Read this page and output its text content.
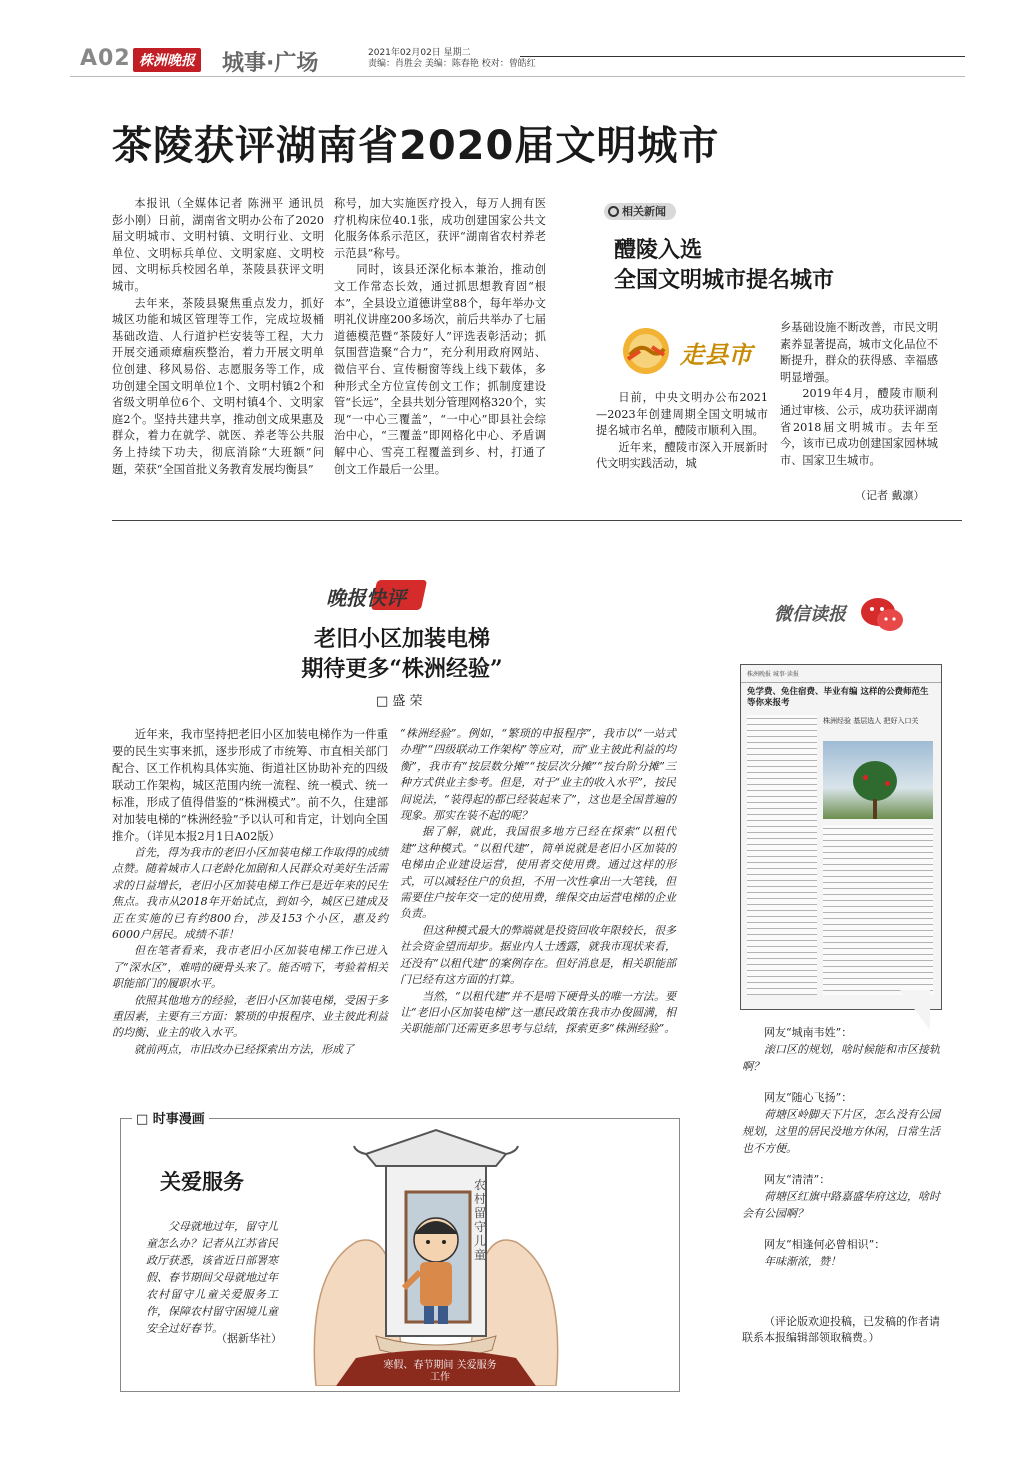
A02 株洲晚报 城事·广场	2021年02月02日 星期二
责编：肖胜会 美编：陈春艳 校对：曾皓红
茶陵获评湖南省2020届文明城市

本报讯（全媒体记者 陈洲平 通讯员 彭小刚）日前，湖南省文明办公布了2020届文明城市、文明村镇、文明行业、文明单位、文明标兵单位、文明家庭、文明校园、文明标兵校园名单，茶陵县获评文明城市。

去年来，茶陵县聚焦重点发力，抓好城区功能和城区管理等工作，完成垃圾桶基础改造、人行道护栏安装等工程，大力开展交通顽瘴痼疾整治，着力开展文明单位创建、移风易俗、志愿服务等工作，成功创建全国文明单位1个、文明村镇2个和省级文明单位6个、文明村镇4个、文明家庭2个。坚持共建共享，推动创文成果惠及群众，着力在就学、就医、养老等公共服务上持续下功夫，彻底消除“大班额”问题，荣获“全国首批义务教育发展均衡县”

称号，加大实施医疗投入，每万人拥有医疗机构床位40.1张，成功创建国家公共文化服务体系示范区，获评“湖南省农村养老示范县”称号。

同时，该县还深化标本兼治，推动创文工作常态长效，通过抓思想教育固“根本”，全县设立道德讲堂88个，每年举办文明礼仪讲座200多场次，前后共举办了七届道德模范暨“茶陵好人”评选表彰活动；抓氛围营造聚“合力”，充分利用政府网站、微信平台、宣传橱窗等线上线下载体，多种形式全方位宣传创文工作；抓制度建设管“长远”，全县共划分管理网格320个，实现“一中心三覆盖”，“一中心”即县社会综治中心，“三覆盖”即网格化中心、矛盾调解中心、雪亮工程覆盖到乡、村，打通了创文工作最后一公里。

相关新闻
醴陵入选
全国文明城市提名城市
走县市

日前，中央文明办公布2021—2023年创建周期全国文明城市提名城市名单，醴陵市顺利入围。

近年来，醴陵市深入开展新时代文明实践活动，城

乡基础设施不断改善，市民文明素养显著提高，城市文化品位不断提升，群众的获得感、幸福感明显增强。

2019年4月，醴陵市顺利通过审核、公示，成功获评湖南省2018届文明城市。去年至今，该市已成功创建国家园林城市、国家卫生城市。

（记者 戴凛）
晚报快评
老旧小区加装电梯
期待更多“株洲经验”
□ 盛 荣

近年来，我市坚持把老旧小区加装电梯作为一件重要的民生实事来抓，逐步形成了市统筹、市直相关部门配合、区工作机构具体实施、街道社区协助补充的四级联动工作架构，城区范围内统一流程、统一模式、统一标准，形成了值得借鉴的“株洲模式”。前不久，住建部对加装电梯的“株洲经验”予以认可和肯定，计划向全国推介。（详见本报2月1日A02版）

首先，得为我市的老旧小区加装电梯工作取得的成绩点赞。随着城市人口老龄化加剧和人民群众对美好生活需求的日益增长，老旧小区加装电梯工作已是近年来的民生焦点。我市从2018年开始试点，到如今，城区已建成及正在实施的已有约800台，涉及153个小区，惠及约6000户居民。成绩不菲！

但在笔者看来，我市老旧小区加装电梯工作已进入了“深水区”，难啃的硬骨头来了。能否啃下，考验着相关职能部门的履职水平。

依照其他地方的经验，老旧小区加装电梯，受困于多重因素，主要有三方面：繁琐的申报程序、业主彼此利益的均衡、业主的收入水平。

就前两点，市旧改办已经探索出方法，形成了

“株洲经验”。例如，“繁琐的申报程序”，我市以“一站式办理”“四级联动工作架构”等应对，而“业主彼此利益的均衡”，我市有“按层数分摊”“按层次分摊”“按台阶分摊”三种方式供业主参考。但是，对于“业主的收入水平”，按民间说法，“装得起的都已经装起来了”，这也是全国普遍的现象。那实在装不起的呢？

据了解，就此，我国很多地方已经在探索“以租代建”这种模式。“以租代建”，简单说就是老旧小区加装的电梯由企业建设运营，使用者交使用费。通过这样的形式，可以减轻住户的负担，不用一次性拿出一大笔钱，但需要住户按年交一定的使用费，维保交由运营电梯的企业负责。

但这种模式最大的弊端就是投资回收年限较长，很多社会资金望而却步。据业内人士透露，就我市现状来看，还没有“以租代建”的案例存在。但好消息是，相关职能部门已经有这方面的打算。

当然，“以租代建”并不是啃下硬骨头的唯一方法。要让“老旧小区加装电梯”这一惠民政策在我市办俊圆满，相关职能部门还需更多思考与总结，探索更多“株洲经验”。

微信读报
株洲晚报 城事·读报
免学费、免住宿费、毕业有编 这样的公费师范生等你来报考
株洲经验 基层选人 把好入口关

网友“城南韦姓”：

滚口区的规划，啥时候能和市区接轨啊？

网友“随心飞扬”：

荷塘区岭脚天下片区，怎么没有公园规划，这里的居民没地方休闲，日常生活也不方便。

网友“清清”：

荷塘区红旗中路嘉盛华府这边，啥时会有公园啊？

网友“相逢何必曾相识”：

年味渐浓，赞！

（评论版欢迎投稿，已发稿的作者请联系本报编辑部领取稿费。）
□ 时事漫画
关爱服务
父母就地过年，留守儿童怎么办？记者从江苏省民政厅获悉，该省近日部署寒假、春节期间父母就地过年农村留守儿童关爱服务工作，保障农村留守困境儿童安全过好春节。
（据新华社）
农村留守儿童
寒假、春节期间 关爱服务工作
